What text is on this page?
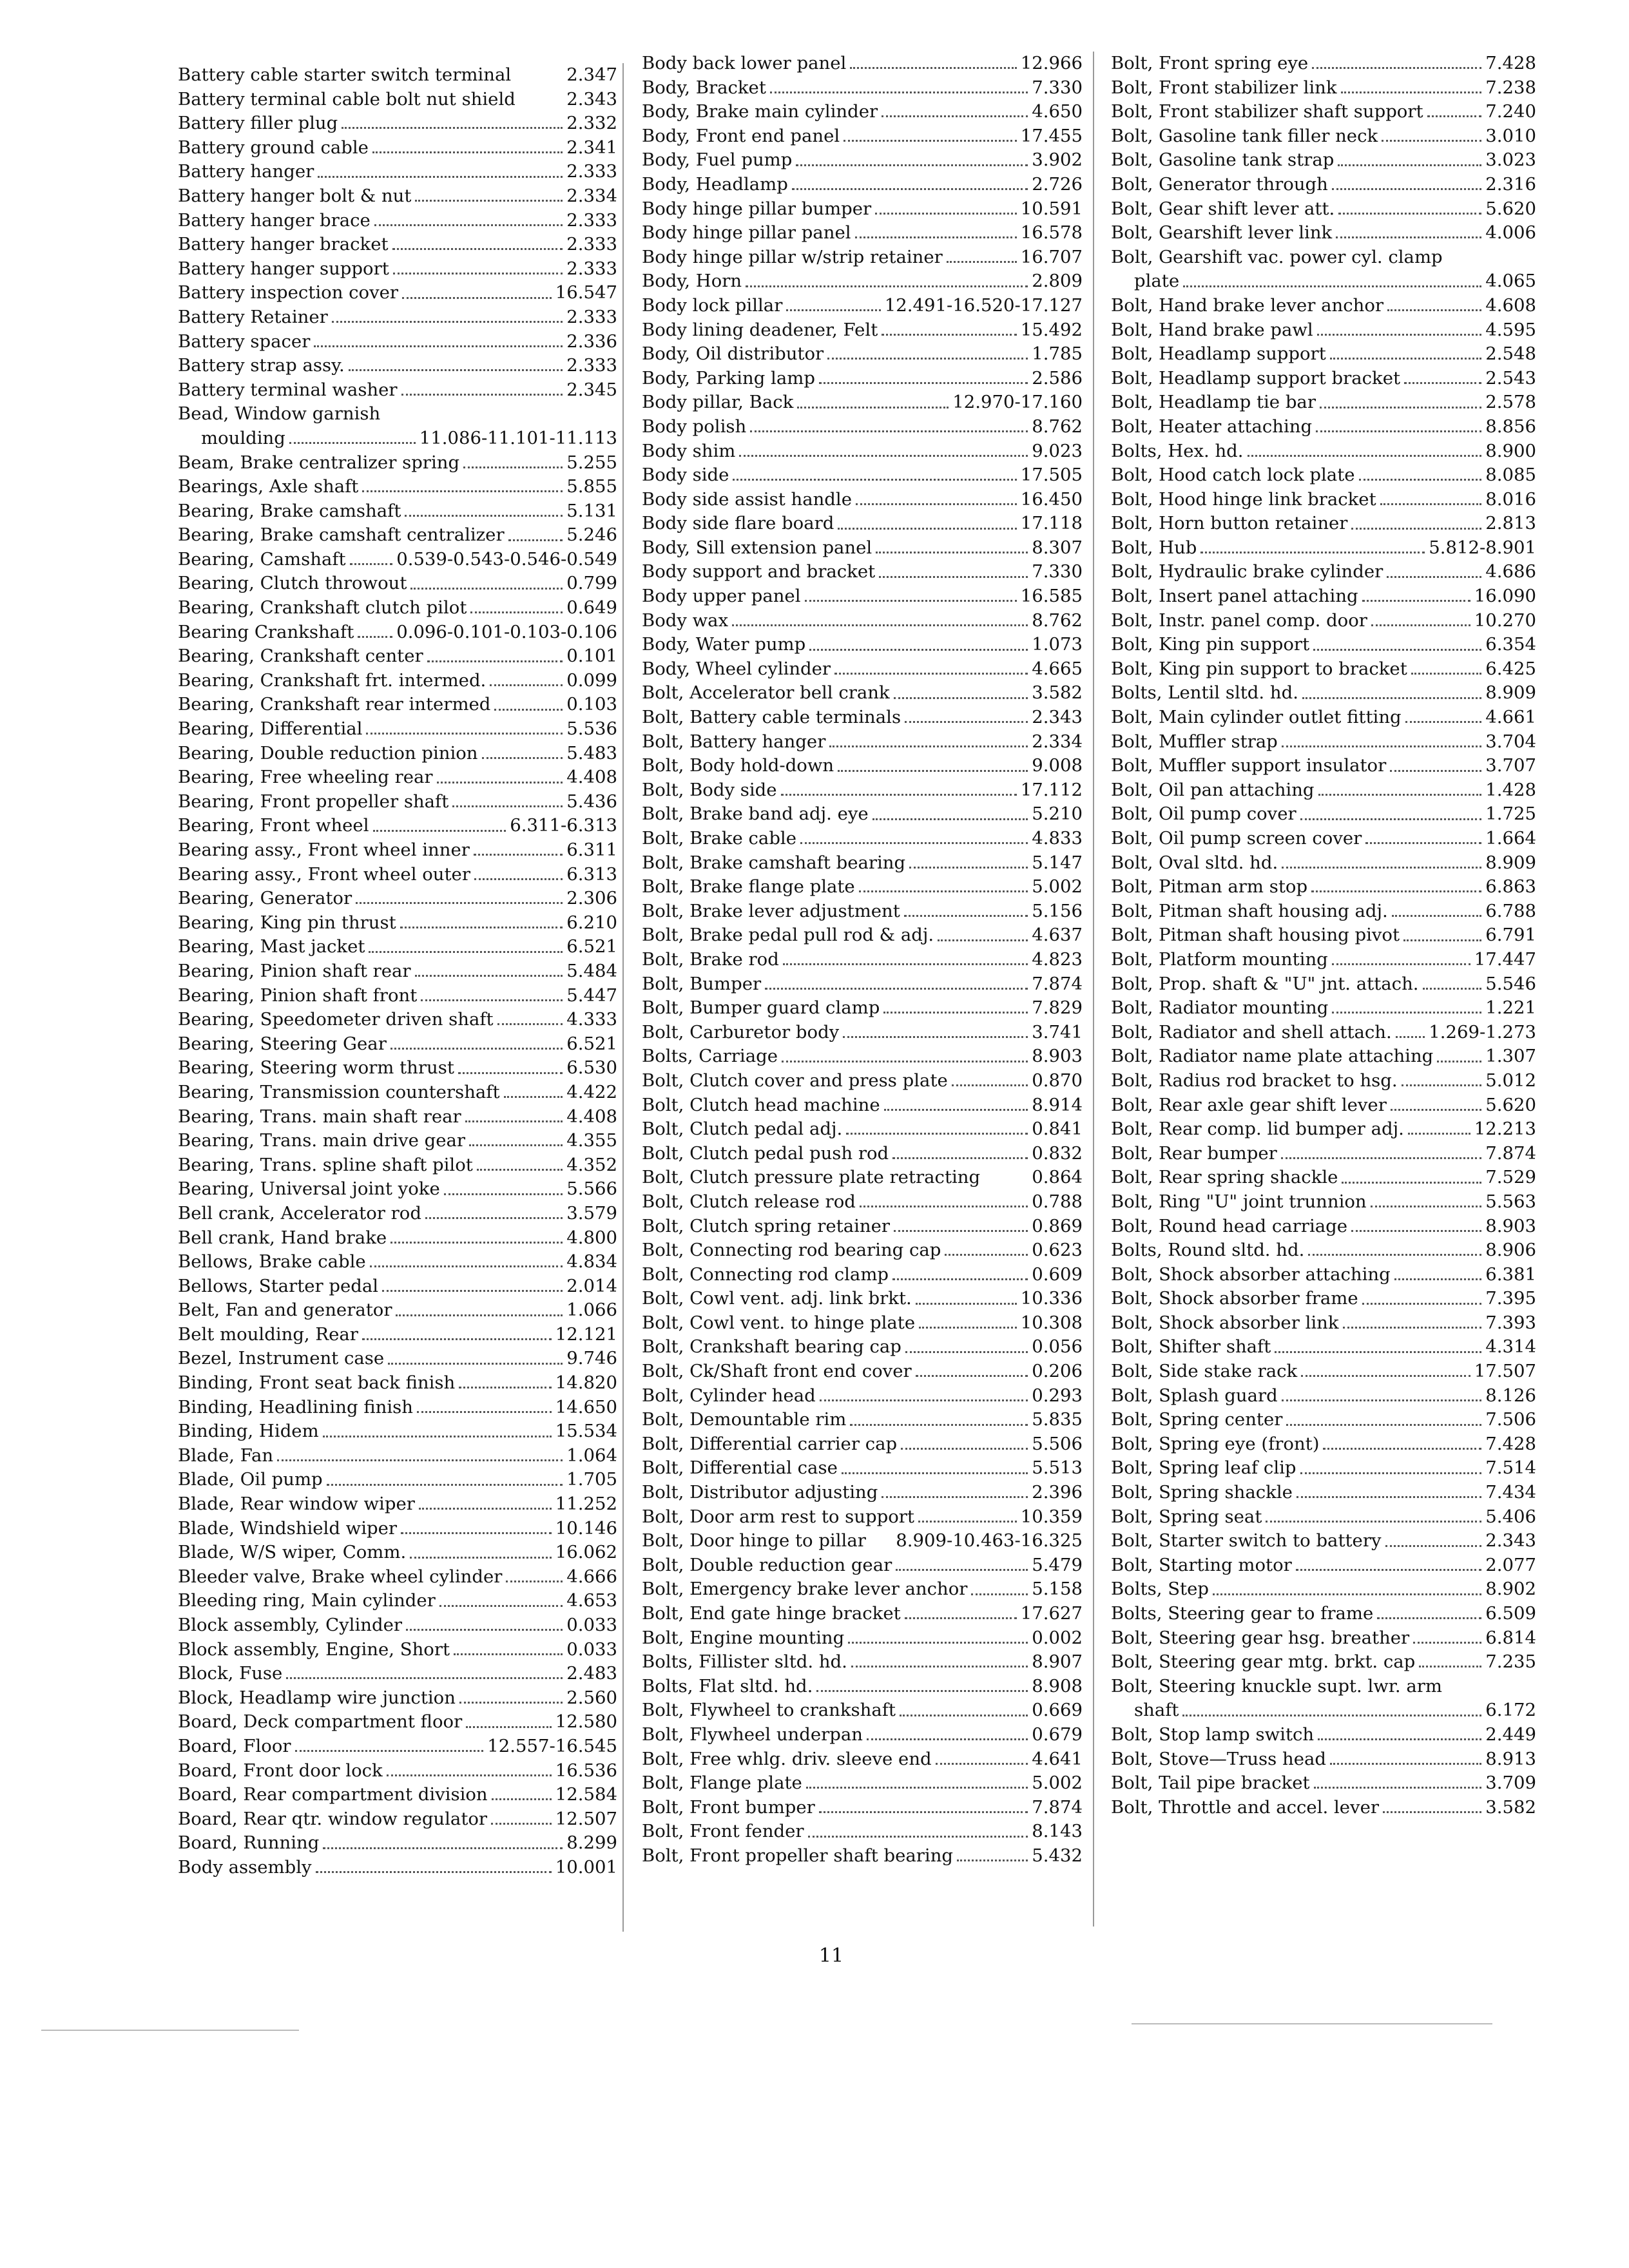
Battery cable starter switch terminal	2.347
Battery terminal cable bolt nut shield	2.343
Battery filler plug	2.332
Battery ground cable	2.341
Battery hanger	2.333
Battery hanger bolt & nut	2.334
Battery hanger brace	2.333
Battery hanger bracket	2.333
Battery hanger support	2.333
Battery inspection cover	16.547
Battery Retainer	2.333
Battery spacer	2.336
Battery strap assy.	2.333
Battery terminal washer	2.345
Bead, Window garnish
moulding	11.086-11.101-11.113
Beam, Brake centralizer spring	5.255
Bearings, Axle shaft	5.855
Bearing, Brake camshaft	5.131
Bearing, Brake camshaft centralizer	5.246
Bearing, Camshaft	0.539-0.543-0.546-0.549
Bearing, Clutch throwout	0.799
Bearing, Crankshaft clutch pilot	0.649
Bearing Crankshaft 0.096-0.101-0.103-0.106
Bearing, Crankshaft center	0.101
Bearing, Crankshaft frt. intermed.	0.099
Bearing, Crankshaft rear intermed	0.103
Bearing, Differential	5.536
Bearing, Double reduction pinion	5.483
Bearing, Free wheeling rear	4.408
Bearing, Front propeller shaft	5.436
Bearing, Front wheel	6.311-6.313
Bearing assy., Front wheel inner	6.311
Bearing assy., Front wheel outer	6.313
Bearing, Generator	2.306
Bearing, King pin thrust	6.210
Bearing, Mast jacket	6.521
Bearing, Pinion shaft rear	5.484
Bearing, Pinion shaft front	5.447
Bearing, Speedometer driven shaft	4.333
Bearing, Steering Gear	6.521
Bearing, Steering worm thrust	6.530
Bearing, Transmission countershaft	4.422
Bearing, Trans. main shaft rear	4.408
Bearing, Trans. main drive gear	4.355
Bearing, Trans. spline shaft pilot	4.352
Bearing, Universal joint yoke	5.566
Bell crank, Accelerator rod	3.579
Bell crank, Hand brake	4.800
Bellows, Brake cable	4.834
Bellows, Starter pedal	2.014
Belt, Fan and generator	1.066
Belt moulding, Rear	12.121
Bezel, Instrument case	9.746
Binding, Front seat back finish	14.820
Binding, Headlining finish	14.650
Binding, Hidem	15.534
Blade, Fan	1.064
Blade, Oil pump	1.705
Blade, Rear window wiper	11.252
Blade, Windshield wiper	10.146
Blade, W/S wiper, Comm.	16.062
Bleeder valve, Brake wheel cylinder	4.666
Bleeding ring, Main cylinder	4.653
Block assembly, Cylinder	0.033
Block assembly, Engine, Short	0.033
Block, Fuse	2.483
Block, Headlamp wire junction	2.560
Board, Deck compartment floor	12.580
Board, Floor	12.557-16.545
Board, Front door lock	16.536
Board, Rear compartment division	12.584
Board, Rear qtr. window regulator	12.507
Board, Running	8.299
Body assembly	10.001
Body back lower panel	12.966
Body, Bracket	7.330
Body, Brake main cylinder	4.650
Body, Front end panel	17.455
Body, Fuel pump	3.902
Body, Headlamp	2.726
Body hinge pillar bumper	10.591
Body hinge pillar panel	16.578
Body hinge pillar w/strip retainer	16.707
Body, Horn	2.809
Body lock pillar	12.491-16.520-17.127
Body lining deadener, Felt	15.492
Body, Oil distributor	1.785
Body, Parking lamp	2.586
Body pillar, Back	12.970-17.160
Body polish	8.762
Body shim	9.023
Body side	17.505
Body side assist handle	16.450
Body side flare board	17.118
Body, Sill extension panel	8.307
Body support and bracket	7.330
Body upper panel	16.585
Body wax	8.762
Body, Water pump	1.073
Body, Wheel cylinder	4.665
Bolt, Accelerator bell crank	3.582
Bolt, Battery cable terminals	2.343
Bolt, Battery hanger	2.334
Bolt, Body hold-down	9.008
Bolt, Body side	17.112
Bolt, Brake band adj. eye	5.210
Bolt, Brake cable	4.833
Bolt, Brake camshaft bearing	5.147
Bolt, Brake flange plate	5.002
Bolt, Brake lever adjustment	5.156
Bolt, Brake pedal pull rod & adj.	4.637
Bolt, Brake rod	4.823
Bolt, Bumper	7.874
Bolt, Bumper guard clamp	7.829
Bolt, Carburetor body	3.741
Bolts, Carriage	8.903
Bolt, Clutch cover and press plate	0.870
Bolt, Clutch head machine	8.914
Bolt, Clutch pedal adj.	0.841
Bolt, Clutch pedal push rod	0.832
Bolt, Clutch pressure plate retracting	0.864
Bolt, Clutch release rod	0.788
Bolt, Clutch spring retainer	0.869
Bolt, Connecting rod bearing cap	0.623
Bolt, Connecting rod clamp	0.609
Bolt, Cowl vent. adj. link brkt.	10.336
Bolt, Cowl vent. to hinge plate	10.308
Bolt, Crankshaft bearing cap	0.056
Bolt, Ck/Shaft front end cover	0.206
Bolt, Cylinder head	0.293
Bolt, Demountable rim	5.835
Bolt, Differential carrier cap	5.506
Bolt, Differential case	5.513
Bolt, Distributor adjusting	2.396
Bolt, Door arm rest to support	10.359
Bolt, Door hinge to pillar 8.909-10.463-16.325
Bolt, Double reduction gear	5.479
Bolt, Emergency brake lever anchor	5.158
Bolt, End gate hinge bracket	17.627
Bolt, Engine mounting	0.002
Bolts, Fillister sltd. hd.	8.907
Bolts, Flat sltd. hd.	8.908
Bolt, Flywheel to crankshaft	0.669
Bolt, Flywheel underpan	0.679
Bolt, Free whlg. driv. sleeve end	4.641
Bolt, Flange plate	5.002
Bolt, Front bumper	7.874
Bolt, Front fender	8.143
Bolt, Front propeller shaft bearing	5.432
Bolt, Front spring eye	7.428
Bolt, Front stabilizer link	7.238
Bolt, Front stabilizer shaft support	7.240
Bolt, Gasoline tank filler neck	3.010
Bolt, Gasoline tank strap	3.023
Bolt, Generator through	2.316
Bolt, Gear shift lever att.	5.620
Bolt, Gearshift lever link	4.006
Bolt, Gearshift vac. power cyl. clamp
plate	4.065
Bolt, Hand brake lever anchor	4.608
Bolt, Hand brake pawl	4.595
Bolt, Headlamp support	2.548
Bolt, Headlamp support bracket	2.543
Bolt, Headlamp tie bar	2.578
Bolt, Heater attaching	8.856
Bolts, Hex. hd.	8.900
Bolt, Hood catch lock plate	8.085
Bolt, Hood hinge link bracket	8.016
Bolt, Horn button retainer	2.813
Bolt, Hub	5.812-8.901
Bolt, Hydraulic brake cylinder	4.686
Bolt, Insert panel attaching	16.090
Bolt, Instr. panel comp. door	10.270
Bolt, King pin support	6.354
Bolt, King pin support to bracket	6.425
Bolts, Lentil sltd. hd.	8.909
Bolt, Main cylinder outlet fitting	4.661
Bolt, Muffler strap	3.704
Bolt, Muffler support insulator	3.707
Bolt, Oil pan attaching	1.428
Bolt, Oil pump cover	1.725
Bolt, Oil pump screen cover	1.664
Bolt, Oval sltd. hd.	8.909
Bolt, Pitman arm stop	6.863
Bolt, Pitman shaft housing adj.	6.788
Bolt, Pitman shaft housing pivot	6.791
Bolt, Platform mounting	17.447
Bolt, Prop. shaft & "U" jnt. attach.	5.546
Bolt, Radiator mounting	1.221
Bolt, Radiator and shell attach. 1.269-1.273
Bolt, Radiator name plate attaching	1.307
Bolt, Radius rod bracket to hsg.	5.012
Bolt, Rear axle gear shift lever	5.620
Bolt, Rear comp. lid bumper adj.	12.213
Bolt, Rear bumper	7.874
Bolt, Rear spring shackle	7.529
Bolt, Ring "U" joint trunnion	5.563
Bolt, Round head carriage	8.903
Bolts, Round sltd. hd.	8.906
Bolt, Shock absorber attaching	6.381
Bolt, Shock absorber frame	7.395
Bolt, Shock absorber link	7.393
Bolt, Shifter shaft	4.314
Bolt, Side stake rack	17.507
Bolt, Splash guard	8.126
Bolt, Spring center	7.506
Bolt, Spring eye (front)	7.428
Bolt, Spring leaf clip	7.514
Bolt, Spring shackle	7.434
Bolt, Spring seat	5.406
Bolt, Starter switch to battery	2.343
Bolt, Starting motor	2.077
Bolts, Step	8.902
Bolts, Steering gear to frame	6.509
Bolt, Steering gear hsg. breather	6.814
Bolt, Steering gear mtg. brkt. cap	7.235
Bolt, Steering knuckle supt. lwr. arm
shaft	6.172
Bolt, Stop lamp switch	2.449
Bolt, Stove—Truss head	8.913
Bolt, Tail pipe bracket	3.709
Bolt, Throttle and accel. lever	3.582
11
